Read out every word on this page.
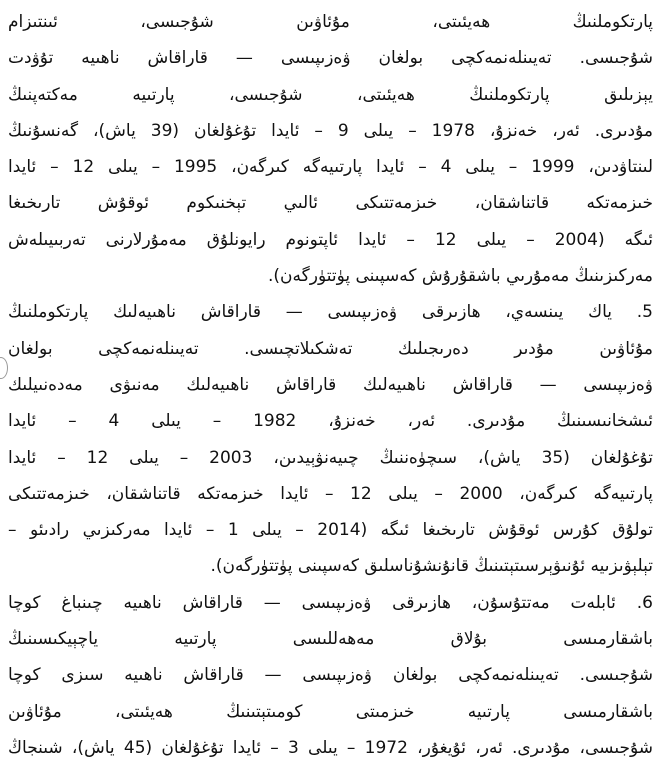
پارتكوملنىڭ ھەيئىتى، مۇئاۋىن شۇجىسى، ئىنتىزام
شۇجىسى. تەيىنلەنمەكچى بولغان ۋەزىپىسى — قاراقاش ناھىيە تۇۋدت
يېزىلىق پارتكوملنىڭ ھەيئىتى، شۇجىسى، پارتىيە مەكتەپنىڭ
مۇدىرى. ئەر، خەنزۇ، 1978 – يىلى 9 – ئايدا تۇغۇلغان (39 ياش)، گەنسۇنىڭ
لىنتاۋدىن، 1999 – يىلى 4 – ئايدا پارتىيەگە كىرگەن، 1995 – يىلى 12 – ئايدا
خىزمەتكە قاتناشقان، خىزمەتتىكى ئالىي تېخنىكوم ئوقۇش تارىخىغا
ئىگە (2004 – يىلى 12 – ئايدا ئاپتونوم رايونلۇق مەمۇرلارنى تەربىيىلەش
مەركىزىنىڭ مەمۇرىي باشقۇرۇش كەسپىنى پۈتتۈرگەن).
5. ياك يىنسەي، ھازىرقى ۋەزىپىسى — قاراقاش ناھىيەلىك پارتكوملنىڭ
مۇئاۋىن مۇدىر دەرىجىلىك تەشكىلاتچىسى. تەيىنلەنمەكچى بولغان
ۋەزىپىسى — قاراقاش ناھىيەلىك قاراقاش ناھىيەلىك مەنىۋى مەدەنىيلىك
ئىشخانىسىنىڭ مۇدىرى. ئەر، خەنزۇ، 1982 – يىلى 4 – ئايدا
تۇغۇلغان (35 ياش)، سىچۈەننىڭ چىيەنۋېيدىن، 2003 – يىلى 12 – ئايدا
پارتىيەگە كىرگەن، 2000 – يىلى 12 – ئايدا خىزمەتكە قاتناشقان، خىزمەتتىكى
تولۇق كۇرس ئوقۇش تارىخىغا ئىگە (2014 – يىلى 1 – ئايدا مەركىزىي رادىئو –
تېلېۋىزىيە ئۇنىۋېرسىتېتىنىڭ قانۇنشۇناسلىق كەسپىنى پۈتتۈرگەن).
6. ئابلەت مەتتۇسۇن، ھازىرقى ۋەزىپىسى — قاراقاش ناھىيە چىنباغ كوچا
باشقارمىسى بۇلاق مەھەللىسى پارتىيە ياچېيكىسىنىڭ
شۇجىسى. تەيىنلەنمەكچى بولغان ۋەزىپىسى — قاراقاش ناھىيە سىزى كوچا
باشقارمىسى پارتىيە خىزمىتى كومىتېتىنىڭ ھەيئىتى، مۇئاۋىن
شۇجىسى، مۇدىرى. ئەر، ئۇيغۇر، 1972 – يىلى 3 – ئايدا تۇغۇلغان (45 ياش)، شىنجاڭ
